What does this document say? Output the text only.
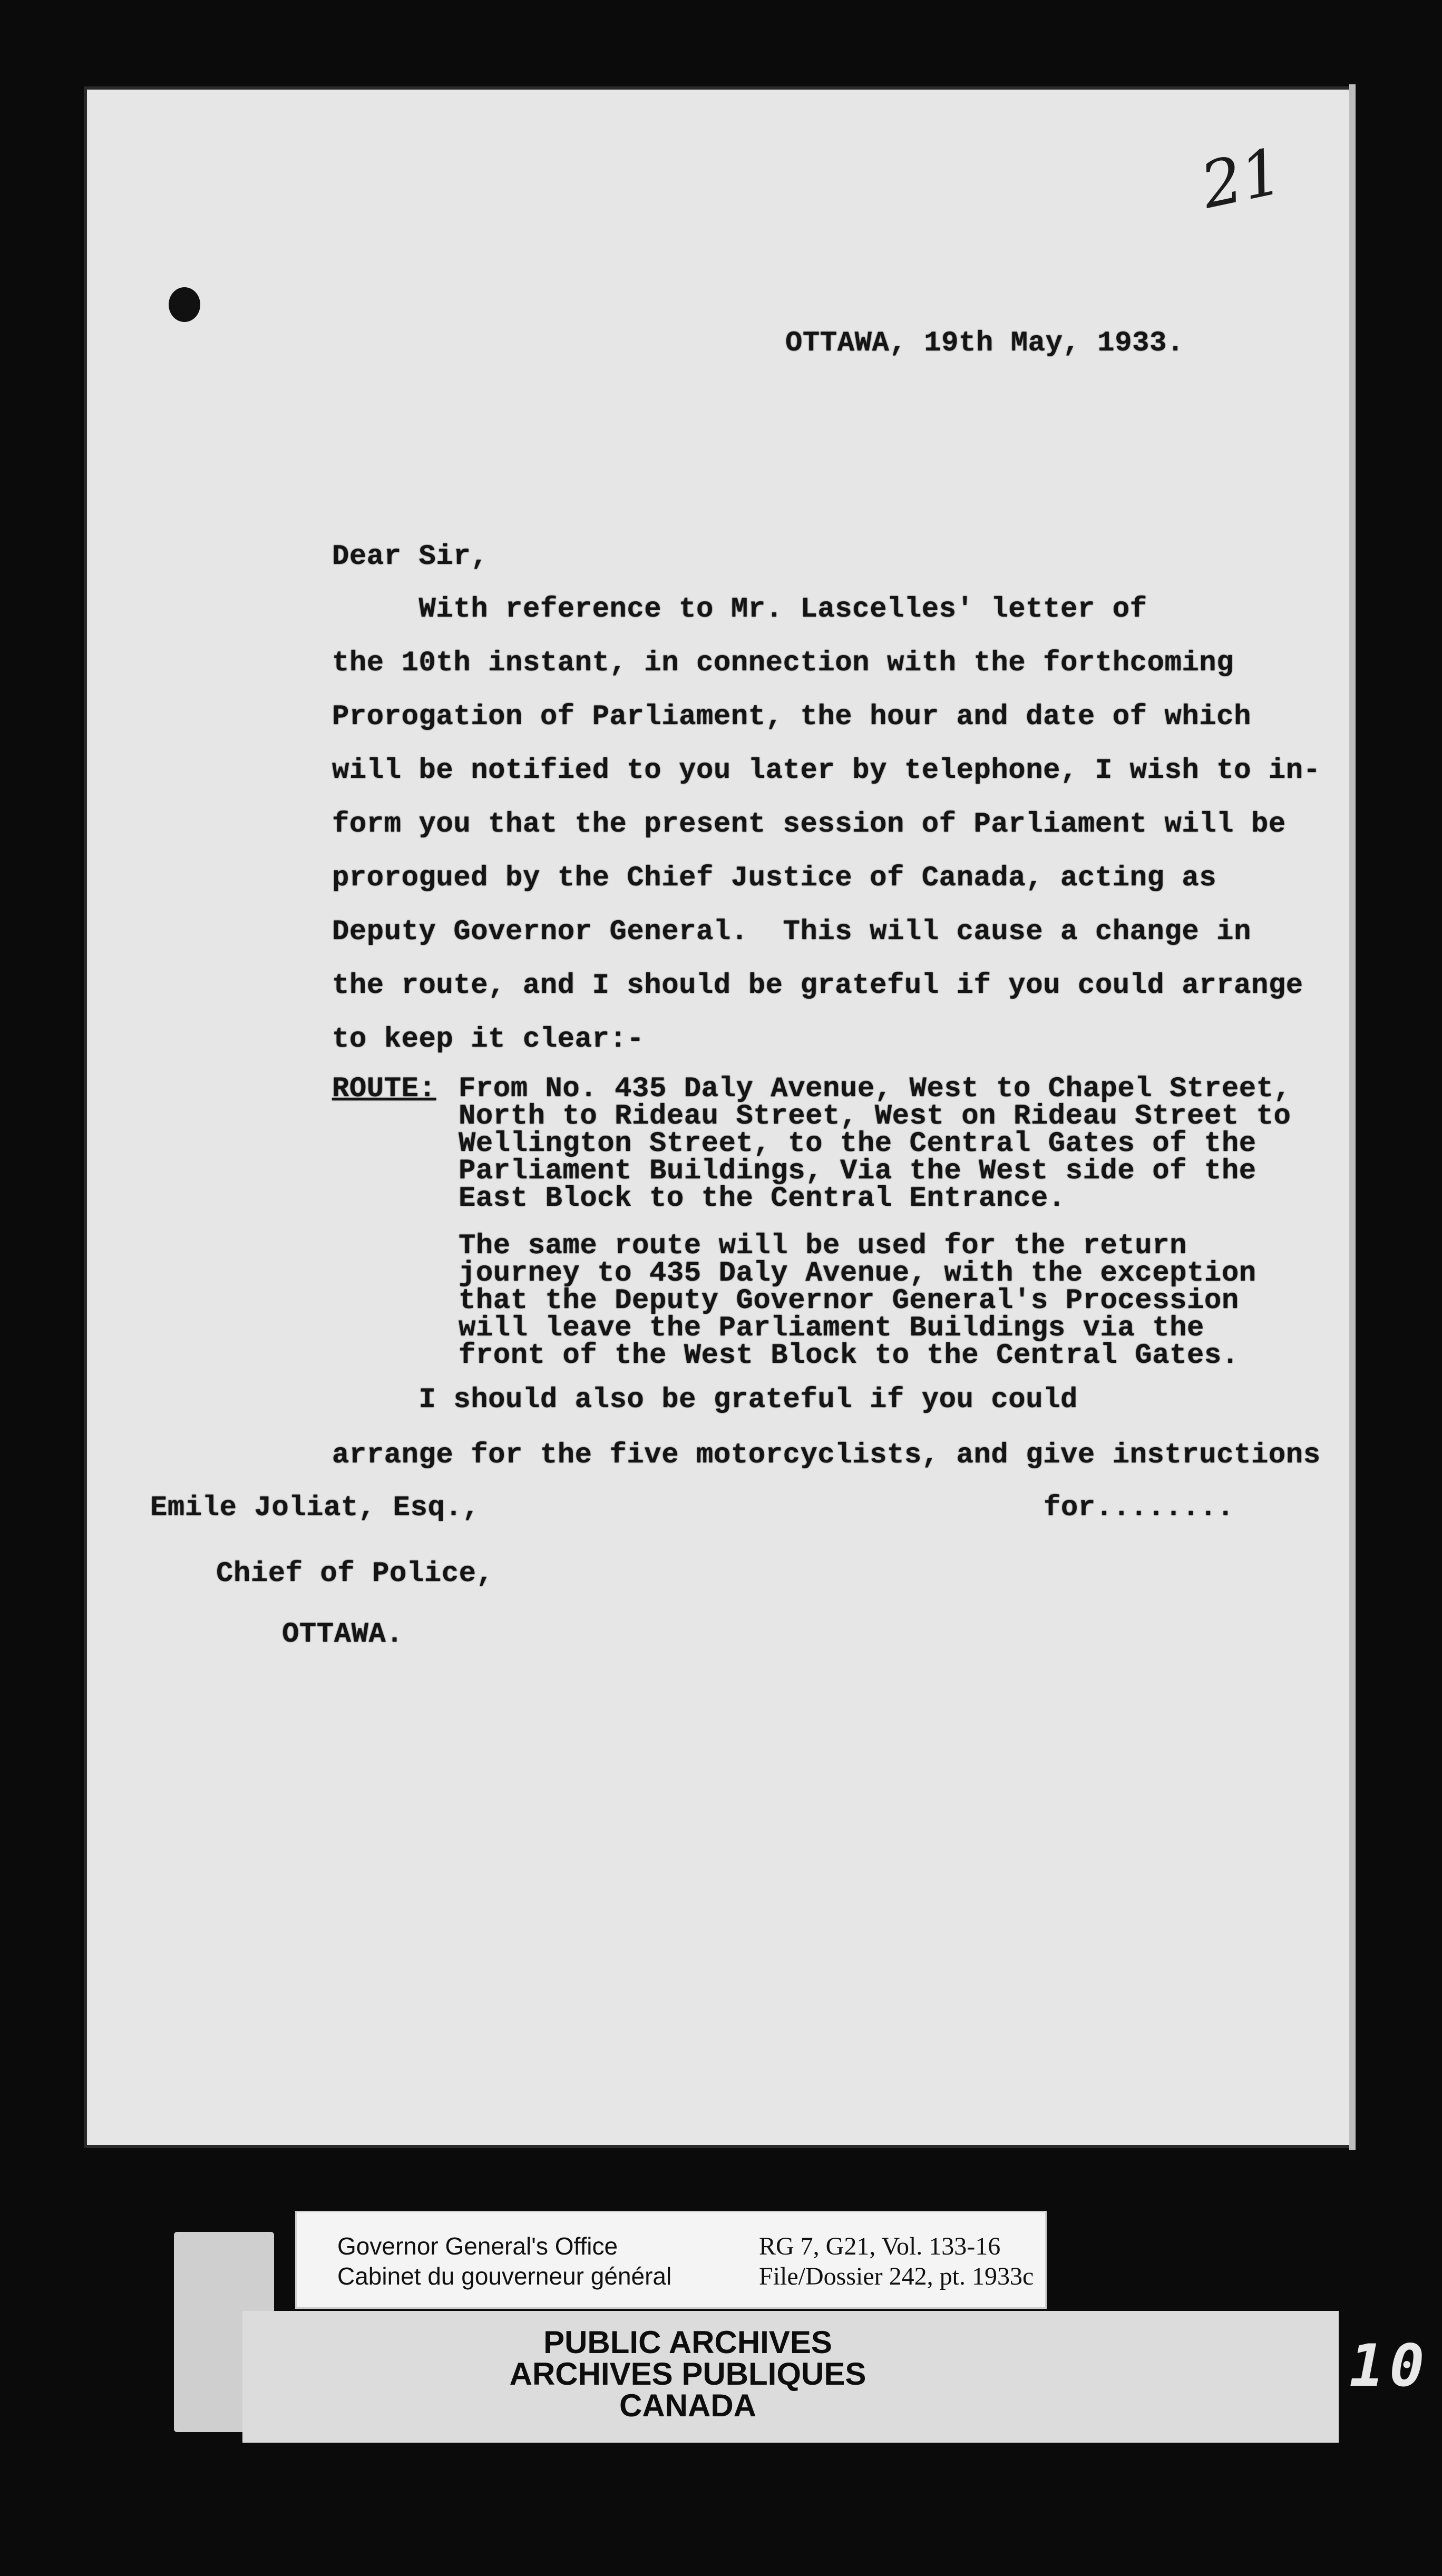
21
OTTAWA, 19th May, 1933.
Dear Sir,
With reference to Mr. Lascelles' letter of
the 10th instant, in connection with the forthcoming
Prorogation of Parliament, the hour and date of which
will be notified to you later by telephone, I wish to in-
form you that the present session of Parliament will be
prorogued by the Chief Justice of Canada, acting as
Deputy Governor General.  This will cause a change in
the route, and I should be grateful if you could arrange
to keep it clear:-
ROUTE: From No. 435 Daly Avenue, West to Chapel Street,
North to Rideau Street, West on Rideau Street to
Wellington Street, to the Central Gates of the
Parliament Buildings, Via the West side of the
East Block to the Central Entrance.
The same route will be used for the return
journey to 435 Daly Avenue, with the exception
that the Deputy Governor General's Procession
will leave the Parliament Buildings via the
front of the West Block to the Central Gates.
I should also be grateful if you could
arrange for the five motorcyclists, and give instructions
for........
Emile Joliat, Esq.,
Chief of Police,
OTTAWA.
Governor General's Office
Cabinet du gouverneur général
RG 7, G21, Vol. 133-16
File/Dossier 242, pt. 1933c
PUBLIC ARCHIVES
ARCHIVES PUBLIQUES
CANADA
10
